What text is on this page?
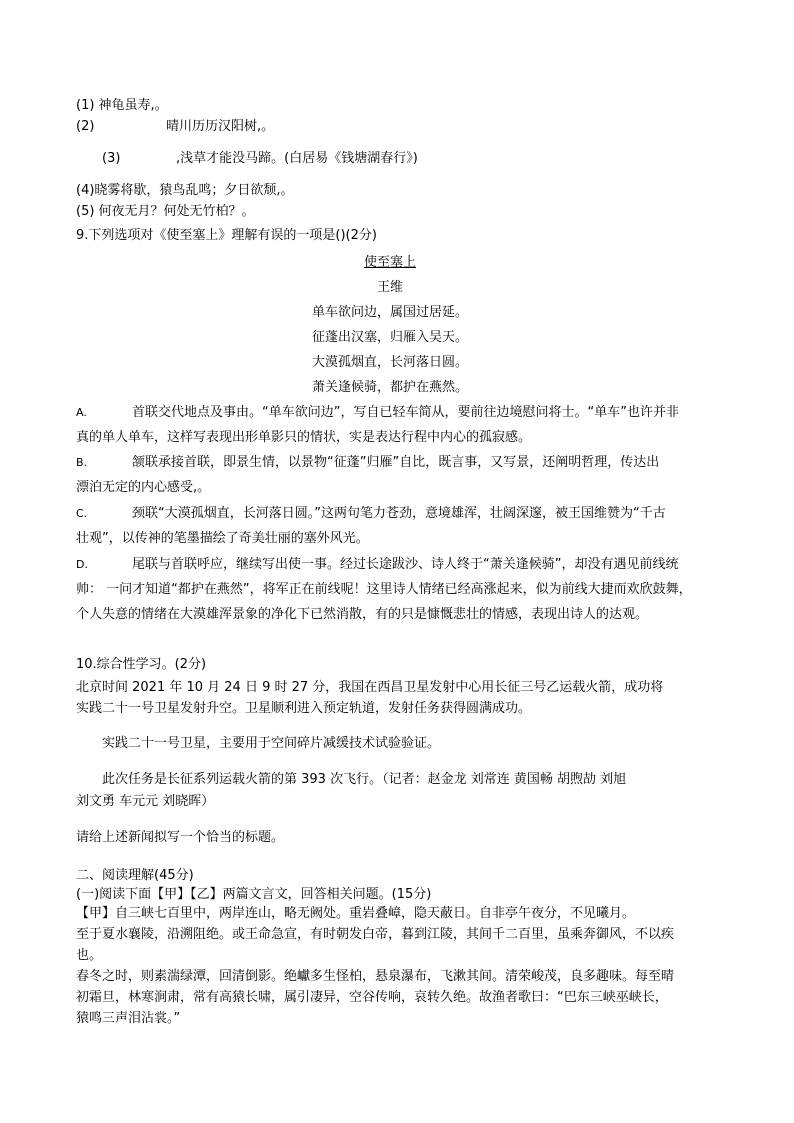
(1) 神龟虽寿,。
(2)	晴川历历汉阳树,。
(3)	,浅草才能没马蹄。(白居易《钱塘湖春行》)
(4)晓雾将歇，猿鸟乱鸣；夕日欲颓,。
(5) 何夜无月？何处无竹柏？。
9.下列选项对《使至塞上》理解有误的一项是()(2分)
使至塞上
王维
单车欲问边，属国过居延。
征蓬出汉塞，归雁入吴天。
大漠孤烟直，长河落日圆。
萧关逢候骑，都护在燕然。
A.	首联交代地点及事由。“单车欲问边”，写自已轻车简从，要前往边境慰问将士。“单车”也许并非
真的单人单车，这样写表现出形单影只的情状，实是表达行程中内心的孤寂感。
B.	颔联承接首联，即景生情，以景物“征蓬”归雁”自比，既言事，又写景，还阐明哲理，传达出
漂泊无定的内心感受,。
C.	颈联“大漠孤烟直，长河落日圆。”这两句笔力苍劲，意境雄浑，壮阔深邃，被王国维赞为“千古
壮观”，以传神的笔墨描绘了奇美壮丽的塞外风光。
D.	尾联与首联呼应，继续写出使一事。经过长途跋沙、诗人终于“萧关逢候骑”，却没有遇见前线统
帅： 一问才知道“都护在燕然”，将军正在前线呢！这里诗人情绪已经高涨起来，似为前线大捷而欢欣鼓舞，
个人失意的情绪在大漠雄浑景象的净化下已然消散，有的只是慷慨悲壮的情感，表现出诗人的达观。
10.综合性学习。(2分)
北京时间 2021 年 10 月 24 日 9 时 27 分，我国在西昌卫星发射中心用长征三号乙运载火箭，成功将
实践二十一号卫星发射升空。卫星顺利进入预定轨道，发射任务获得圆满成功。
实践二十一号卫星，主要用于空间碎片减缓技术试验验证。
此次任务是长征系列运载火箭的第 393 次飞行。（记者：赵金龙 刘常连 黄国畅 胡煦劼 刘旭
刘文勇 车元元 刘晓晖）
请给上述新闻拟写一个恰当的标题。
二、阅读理解(45分)
(一)阅读下面【甲】【乙】两篇文言文，回答相关问题。(15分)
【甲】自三峡七百里中，两岸连山，略无阙处。重岩叠嶂，隐天蔽日。自非亭午夜分，不见曦月。
至于夏水襄陵，沿溯阻绝。或王命急宣，有时朝发白帝，暮到江陵，其间千二百里，虽乘奔御风，不以疾
也。
春冬之时，则素湍绿潭，回清倒影。绝巘多生怪柏，悬泉瀑布，飞漱其间。清荣峻茂，良多趣味。每至晴
初霜旦，林寒涧肃，常有高猿长啸，属引凄异，空谷传响，哀转久绝。故渔者歌曰：“巴东三峡巫峡长，
猿鸣三声泪沾裳。”
